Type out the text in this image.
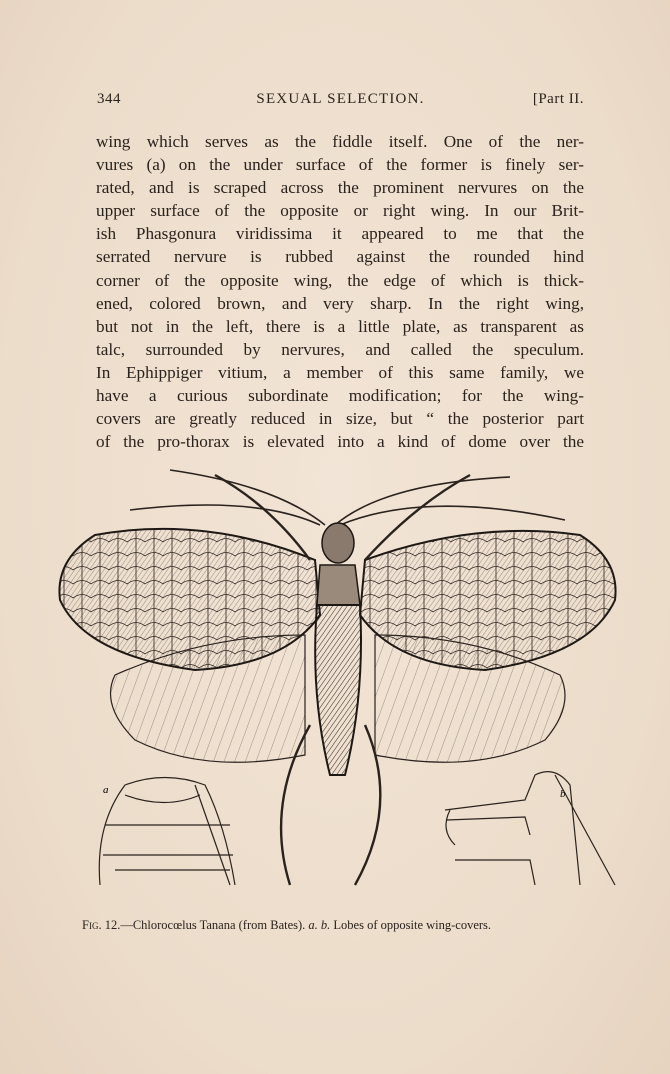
344	SEXUAL SELECTION.	[Part II.
wing which serves as the fiddle itself. One of the ner-
vures (a) on the under surface of the former is finely ser-
rated, and is scraped across the prominent nervures on the
upper surface of the opposite or right wing. In our Brit-
ish Phasgonura viridissima it appeared to me that the
serrated nervure is rubbed against the rounded hind
corner of the opposite wing, the edge of which is thick-
ened, colored brown, and very sharp. In the right wing,
but not in the left, there is a little plate, as transparent as
talc, surrounded by nervures, and called the speculum.
In Ephippiger vitium, a member of this same family, we
have a curious subordinate modification; for the wing-
covers are greatly reduced in size, but “ the posterior part
of the pro-thorax is elevated into a kind of dome over the
a	b
Fig. 12.—Chlorocœlus Tanana (from Bates). a. b. Lobes of opposite wing-covers.
